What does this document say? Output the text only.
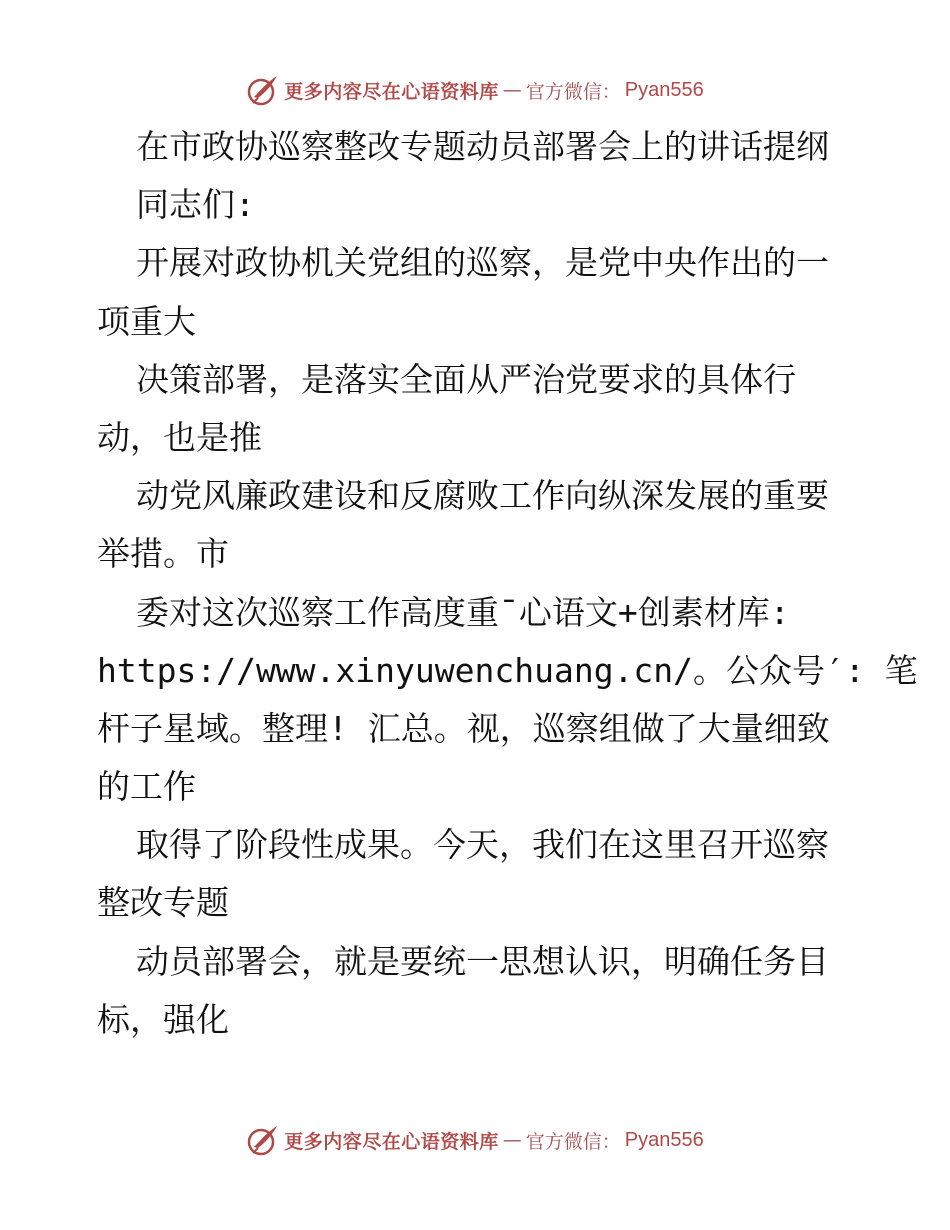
更多内容尽在心语资料库 — 官方微信： Pyan556
在市政协巡察整改专题动员部署会上的讲话提纲
同志们:
开展对政协机关党组的巡察，是党中央作出的一
项重大
决策部署，是落实全面从严治党要求的具体行
动，也是推
动党风廉政建设和反腐败工作向纵深发展的重要
举措。市
委对这次巡察工作高度重¯心语文+创素材库:
https://www.xinyuwenchuang.cn/。公众号′: 笔
杆子星域。整理! 汇总。视，巡察组做了大量细致
的工作
取得了阶段性成果。今天，我们在这里召开巡察
整改专题
动员部署会，就是要统一思想认识，明确任务目
标，强化
更多内容尽在心语资料库 — 官方微信： Pyan556
